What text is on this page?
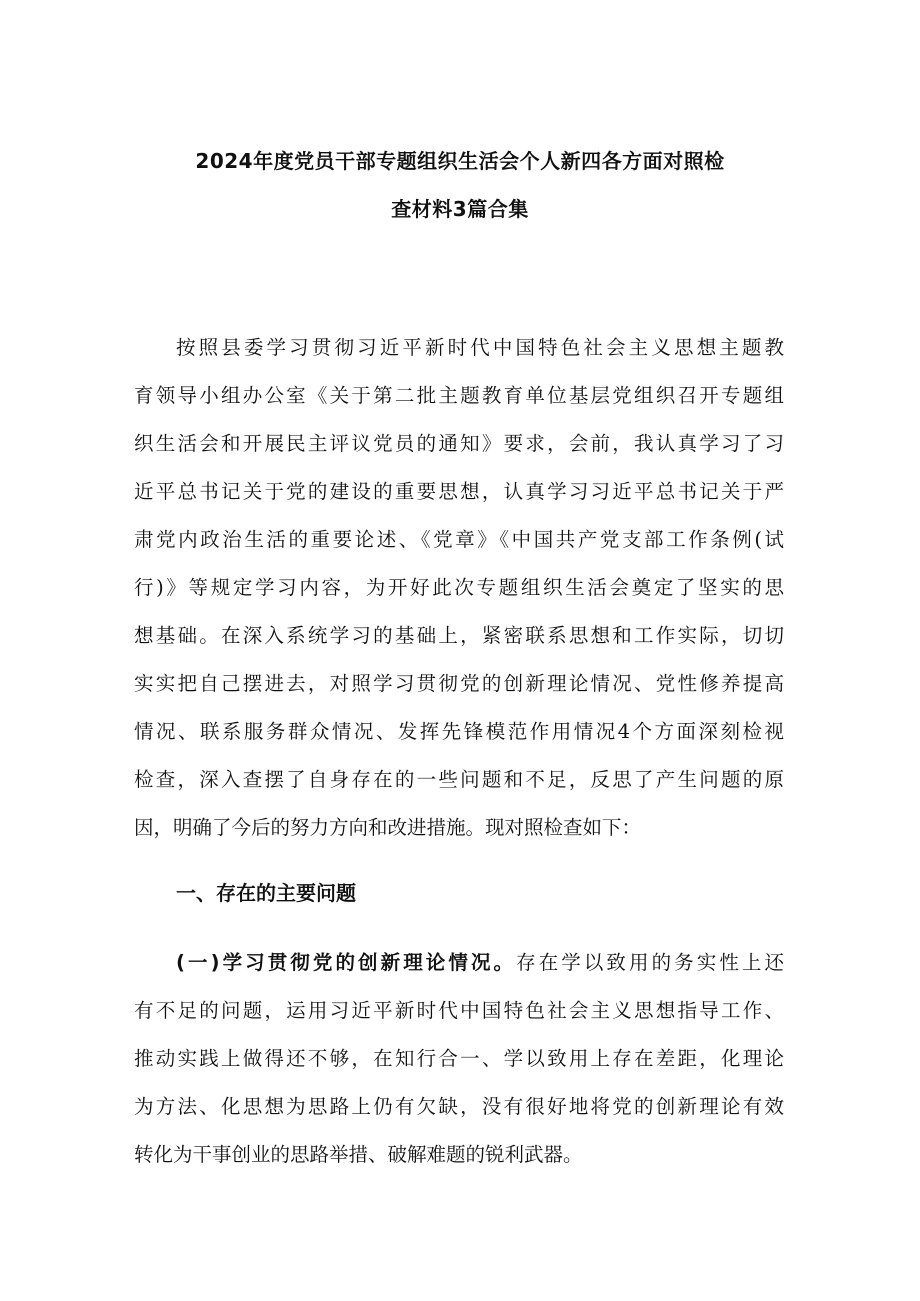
2024年度党员干部专题组织生活会个人新四各方面对照检
查材料3篇合集
按照县委学习贯彻习近平新时代中国特色社会主义思想主题教
育领导小组办公室《关于第二批主题教育单位基层党组织召开专题组
织生活会和开展民主评议党员的通知》要求，会前，我认真学习了习
近平总书记关于党的建设的重要思想，认真学习习近平总书记关于严
肃党内政治生活的重要论述、《党章》《中国共产党支部工作条例(试
行)》等规定学习内容，为开好此次专题组织生活会奠定了坚实的思
想基础。在深入系统学习的基础上，紧密联系思想和工作实际，切切
实实把自己摆进去，对照学习贯彻党的创新理论情况、党性修养提高
情况、联系服务群众情况、发挥先锋模范作用情况4个方面深刻检视
检查，深入查摆了自身存在的一些问题和不足，反思了产生问题的原
因，明确了今后的努力方向和改进措施。现对照检查如下：
一、存在的主要问题
(一)学习贯彻党的创新理论情况。存在学以致用的务实性上还
有不足的问题，运用习近平新时代中国特色社会主义思想指导工作、
推动实践上做得还不够，在知行合一、学以致用上存在差距，化理论
为方法、化思想为思路上仍有欠缺，没有很好地将党的创新理论有效
转化为干事创业的思路举措、破解难题的锐利武器。
